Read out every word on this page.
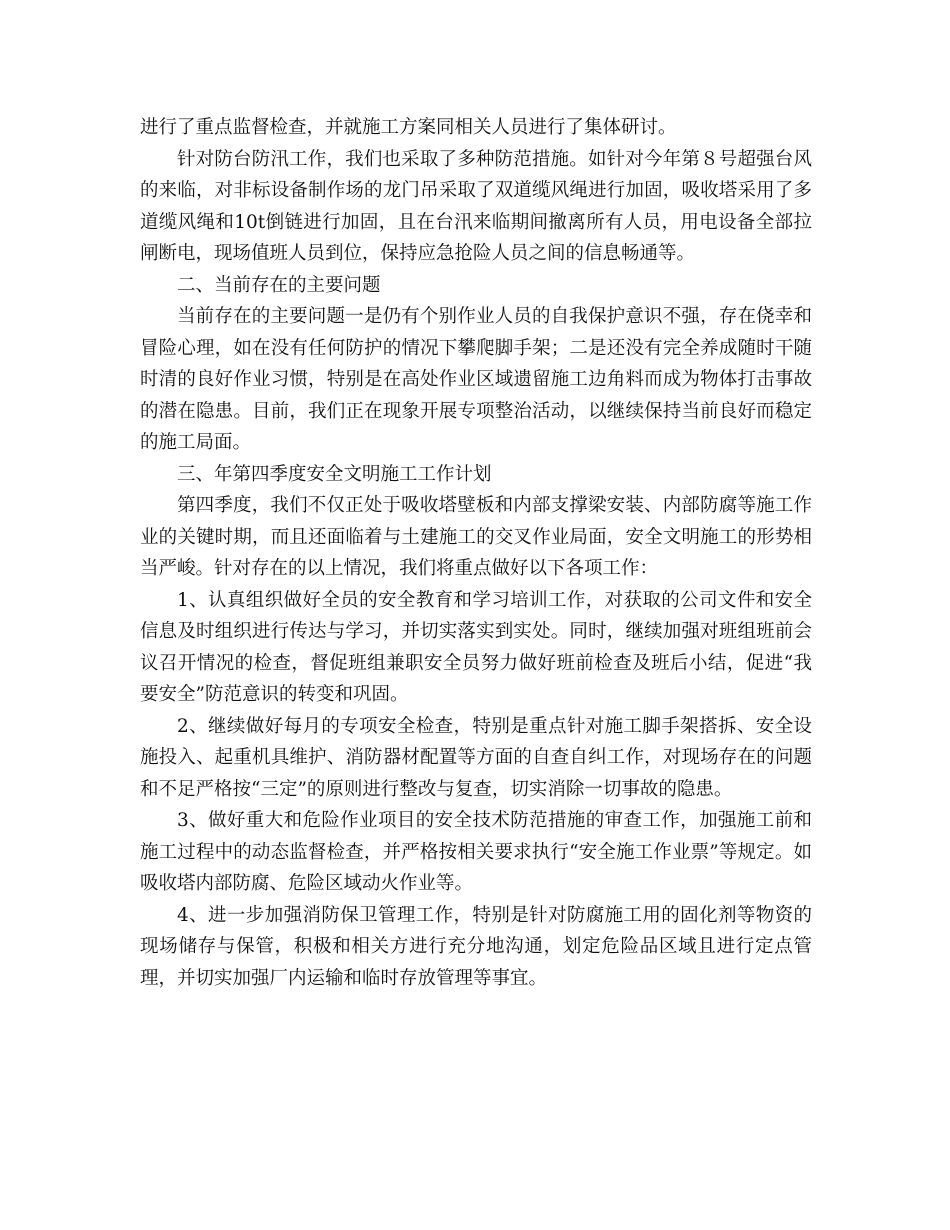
进行了重点监督检查，并就施工方案同相关人员进行了集体研讨。

针对防台防汛工作，我们也采取了多种防范措施。如针对今年第８号超强台风的来临，对非标设备制作场的龙门吊采取了双道缆风绳进行加固，吸收塔采用了多道缆风绳和10t倒链进行加固，且在台汛来临期间撤离所有人员，用电设备全部拉闸断电，现场值班人员到位，保持应急抢险人员之间的信息畅通等。

二、当前存在的主要问题

当前存在的主要问题一是仍有个别作业人员的自我保护意识不强，存在侥幸和冒险心理，如在没有任何防护的情况下攀爬脚手架；二是还没有完全养成随时干随时清的良好作业习惯，特别是在高处作业区域遗留施工边角料而成为物体打击事故的潜在隐患。目前，我们正在现象开展专项整治活动，以继续保持当前良好而稳定的施工局面。

三、年第四季度安全文明施工工作计划

第四季度，我们不仅正处于吸收塔壁板和内部支撑梁安装、内部防腐等施工作业的关键时期，而且还面临着与土建施工的交叉作业局面，安全文明施工的形势相当严峻。针对存在的以上情况，我们将重点做好以下各项工作：

1、认真组织做好全员的安全教育和学习培训工作，对获取的公司文件和安全信息及时组织进行传达与学习，并切实落实到实处。同时，继续加强对班组班前会议召开情况的检查，督促班组兼职安全员努力做好班前检查及班后小结，促进“我要安全”防范意识的转变和巩固。

2、继续做好每月的专项安全检查，特别是重点针对施工脚手架搭拆、安全设施投入、起重机具维护、消防器材配置等方面的自查自纠工作，对现场存在的问题和不足严格按“三定”的原则进行整改与复查，切实消除一切事故的隐患。

3、做好重大和危险作业项目的安全技术防范措施的审查工作，加强施工前和施工过程中的动态监督检查，并严格按相关要求执行“安全施工作业票”等规定。如吸收塔内部防腐、危险区域动火作业等。

4、进一步加强消防保卫管理工作，特别是针对防腐施工用的固化剂等物资的现场储存与保管，积极和相关方进行充分地沟通，划定危险品区域且进行定点管理，并切实加强厂内运输和临时存放管理等事宜。
